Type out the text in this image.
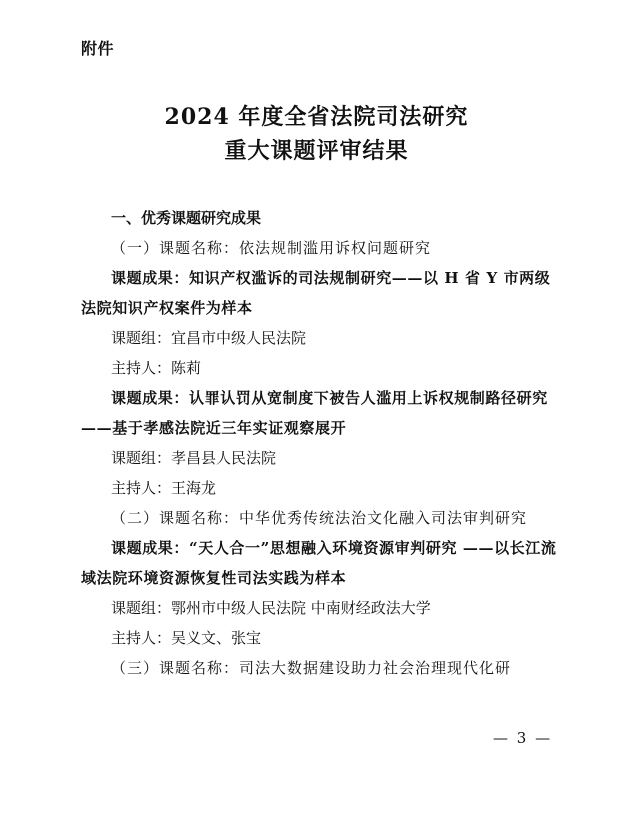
附件
2024 年度全省法院司法研究
重大课题评审结果

一、优秀课题研究成果

（一）课题名称：依法规制滥用诉权问题研究

课题成果：知识产权滥诉的司法规制研究——以 H 省 Y 市两级法院知识产权案件为样本

课题组：宜昌市中级人民法院

主持人：陈莉

课题成果：认罪认罚从宽制度下被告人滥用上诉权规制路径研究——基于孝感法院近三年实证观察展开

课题组：孝昌县人民法院

主持人：王海龙

（二）课题名称：中华优秀传统法治文化融入司法审判研究

课题成果：“天人合一”思想融入环境资源审判研究 ——以长江流域法院环境资源恢复性司法实践为样本

课题组：鄂州市中级人民法院 中南财经政法大学

主持人：吴义文、张宝

（三）课题名称：司法大数据建设助力社会治理现代化研

— 3 —
